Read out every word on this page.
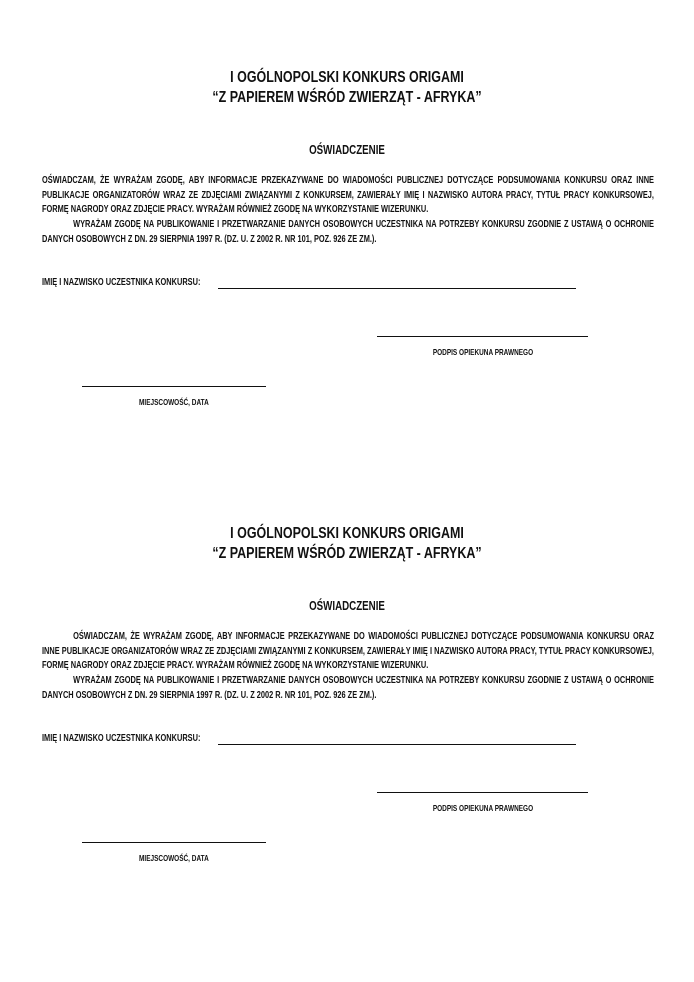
I OGÓLNOPOLSKI KONKURS ORIGAMI
“Z PAPIEREM WŚRÓD ZWIERZĄT - AFRYKA”
OŚWIADCZENIE
OŚWIADCZAM, ŻE WYRAŻAM ZGODĘ, ABY INFORMACJE PRZEKAZYWANE DO WIADOMOŚCI PUBLICZNEJ DOTYCZĄCE PODSUMOWANIA KONKURSU ORAZ INNE PUBLIKACJE ORGANIZATORÓW WRAZ ZE ZDJĘCIAMI ZWIĄZANYMI Z KONKURSEM, ZAWIERAŁY IMIĘ I NAZWISKO AUTORA PRACY, TYTUŁ PRACY KONKURSOWEJ, FORMĘ NAGRODY ORAZ ZDJĘCIE PRACY. WYRAŻAM RÓWNIEŻ ZGODĘ NA WYKORZYSTANIE WIZERUNKU.
WYRAŻAM ZGODĘ NA PUBLIKOWANIE I PRZETWARZANIE DANYCH OSOBOWYCH UCZESTNIKA NA POTRZEBY KONKURSU ZGODNIE Z USTAWĄ O OCHRONIE DANYCH OSOBOWYCH Z DN. 29 SIERPNIA 1997 R. (DZ. U. Z 2002 R. NR 101, POZ. 926 ZE ZM.).
IMIĘ I NAZWISKO UCZESTNIKA KONKURSU:
PODPIS OPIEKUNA PRAWNEGO
MIEJSCOWOŚĆ, DATA
I OGÓLNOPOLSKI KONKURS ORIGAMI
“Z PAPIEREM WŚRÓD ZWIERZĄT - AFRYKA”
OŚWIADCZENIE
OŚWIADCZAM, ŻE WYRAŻAM ZGODĘ, ABY INFORMACJE PRZEKAZYWANE DO WIADOMOŚCI PUBLICZNEJ DOTYCZĄCE PODSUMOWANIA KONKURSU ORAZ INNE PUBLIKACJE ORGANIZATORÓW WRAZ ZE ZDJĘCIAMI ZWIĄZANYMI Z KONKURSEM, ZAWIERAŁY IMIĘ I NAZWISKO AUTORA PRACY, TYTUŁ PRACY KONKURSOWEJ, FORMĘ NAGRODY ORAZ ZDJĘCIE PRACY. WYRAŻAM RÓWNIEŻ ZGODĘ NA WYKORZYSTANIE WIZERUNKU.
WYRAŻAM ZGODĘ NA PUBLIKOWANIE I PRZETWARZANIE DANYCH OSOBOWYCH UCZESTNIKA NA POTRZEBY KONKURSU ZGODNIE Z USTAWĄ O OCHRONIE DANYCH OSOBOWYCH Z DN. 29 SIERPNIA 1997 R. (DZ. U. Z 2002 R. NR 101, POZ. 926 ZE ZM.).
IMIĘ I NAZWISKO UCZESTNIKA KONKURSU:
PODPIS OPIEKUNA PRAWNEGO
MIEJSCOWOŚĆ, DATA
